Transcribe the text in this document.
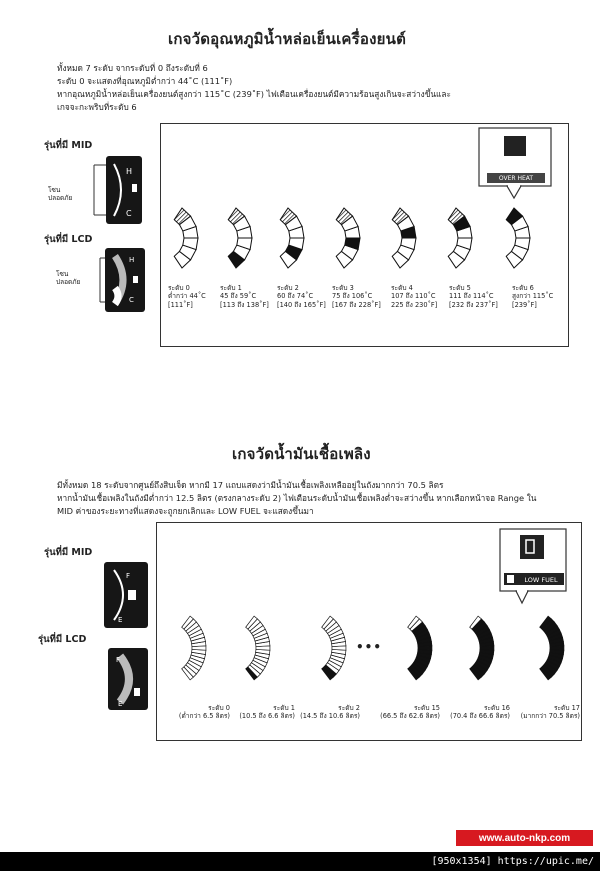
เกจวัดอุณหภูมิน้ำหล่อเย็นเครื่องยนต์
ทั้งหมด 7 ระดับ จากระดับที่ 0 ถึงระดับที่ 6
ระดับ 0 จะแสดงที่อุณหภูมิต่ำกว่า 44˚C (111˚F)
หากอุณหภูมิน้ำหล่อเย็นเครื่องยนต์สูงกว่า 115˚C (239˚F) ไฟเตือนเครื่องยนต์มีความร้อนสูงเกินจะสว่างขึ้นและ
เกจจะกะพริบที่ระดับ 6
รุ่นที่มี MID
รุ่นที่มี LCD
โซน
ปลอดภัย
โซน
ปลอดภัย
H
C
H
C
OVER HEAT
ระดับ 0
ต่ำกว่า 44˚C
[111˚F]
ระดับ 1
45 ถึง 59˚C
[113 ถึง 138˚F]
ระดับ 2
60 ถึง 74˚C
[140 ถึง 165˚F]
ระดับ 3
75 ถึง 106˚C
[167 ถึง 228˚F]
ระดับ 4
107 ถึง 110˚C
225 ถึง 230˚F]
ระดับ 5
111 ถึง 114˚C
[232 ถึง 237˚F]
ระดับ 6
สูงกว่า 115˚C
[239˚F]
เกจวัดน้ำมันเชื้อเพลิง
มีทั้งหมด 18 ระดับจากศูนย์ถึงสิบเจ็ด หากมี 17 แถบแสดงว่ามีน้ำมันเชื้อเพลิงเหลืออยู่ในถังมากกว่า 70.5 ลิตร
หากน้ำมันเชื้อเพลิงในถังมีต่ำกว่า 12.5 ลิตร (ตรงกลางระดับ 2) ไฟเตือนระดับน้ำมันเชื้อเพลิงต่ำจะสว่างขึ้น หากเลือกหน้าจอ Range ใน
MID ค่าของระยะทางที่แสดงจะถูกยกเลิกและ LOW FUEL จะแสดงขึ้นมา
รุ่นที่มี MID
รุ่นที่มี LCD
F
E
F
E
LOW FUEL
ระดับ 0
(ต่ำกว่า 6.5 ลิตร)
ระดับ 1
(10.5 ถึง 6.6 ลิตร)
ระดับ 2
(14.5 ถึง 10.6 ลิตร)
ระดับ 15
(66.5 ถึง 62.6 ลิตร)
ระดับ 16
(70.4 ถึง 66.6 ลิตร)
ระดับ 17
(มากกว่า 70.5 ลิตร)
•••
www.auto-nkp.com
[950x1354] https://upic.me/
